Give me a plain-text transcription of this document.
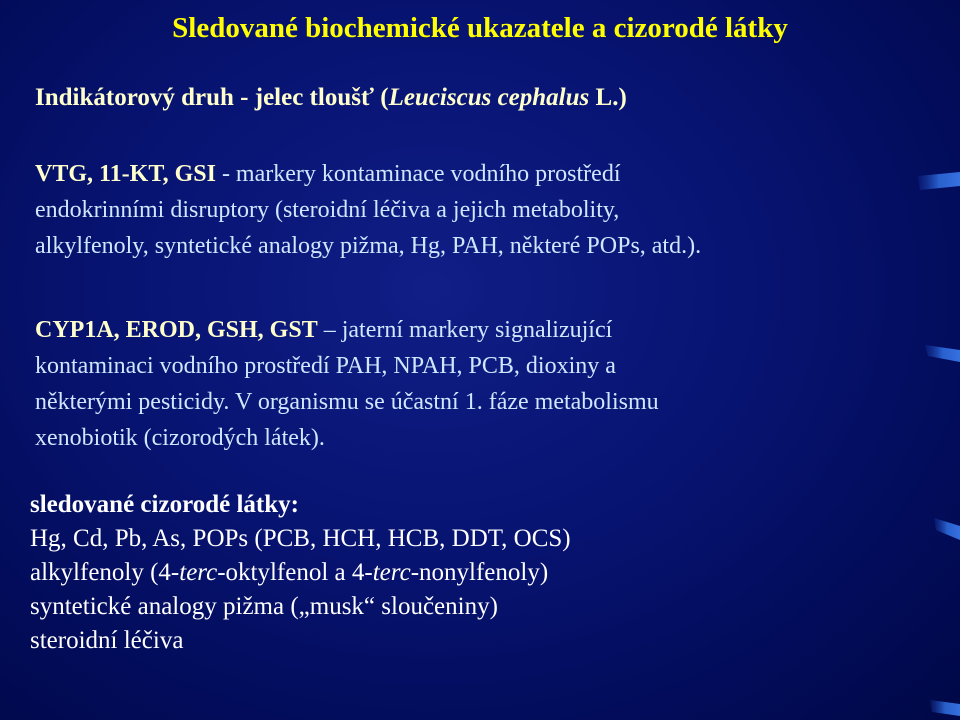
Sledované biochemické ukazatele a cizorodé látky
Indikátorový druh - jelec tloušť (Leuciscus cephalus L.)
VTG, 11-KT, GSI - markery kontaminace vodního prostředí
endokrinními disruptory (steroidní léčiva a jejich metabolity,
alkylfenoly, syntetické analogy pižma, Hg, PAH, některé POPs, atd.).
CYP1A, EROD, GSH, GST – jaterní markery signalizující
kontaminaci vodního prostředí PAH, NPAH, PCB, dioxiny a
některými pesticidy. V organismu se účastní 1. fáze metabolismu
xenobiotik (cizorodých látek).
sledované cizorodé látky:
Hg, Cd, Pb, As, POPs (PCB, HCH, HCB, DDT, OCS)
alkylfenoly (4-terc-oktylfenol a 4-terc-nonylfenoly)
syntetické analogy pižma („musk“ sloučeniny)
steroidní léčiva
